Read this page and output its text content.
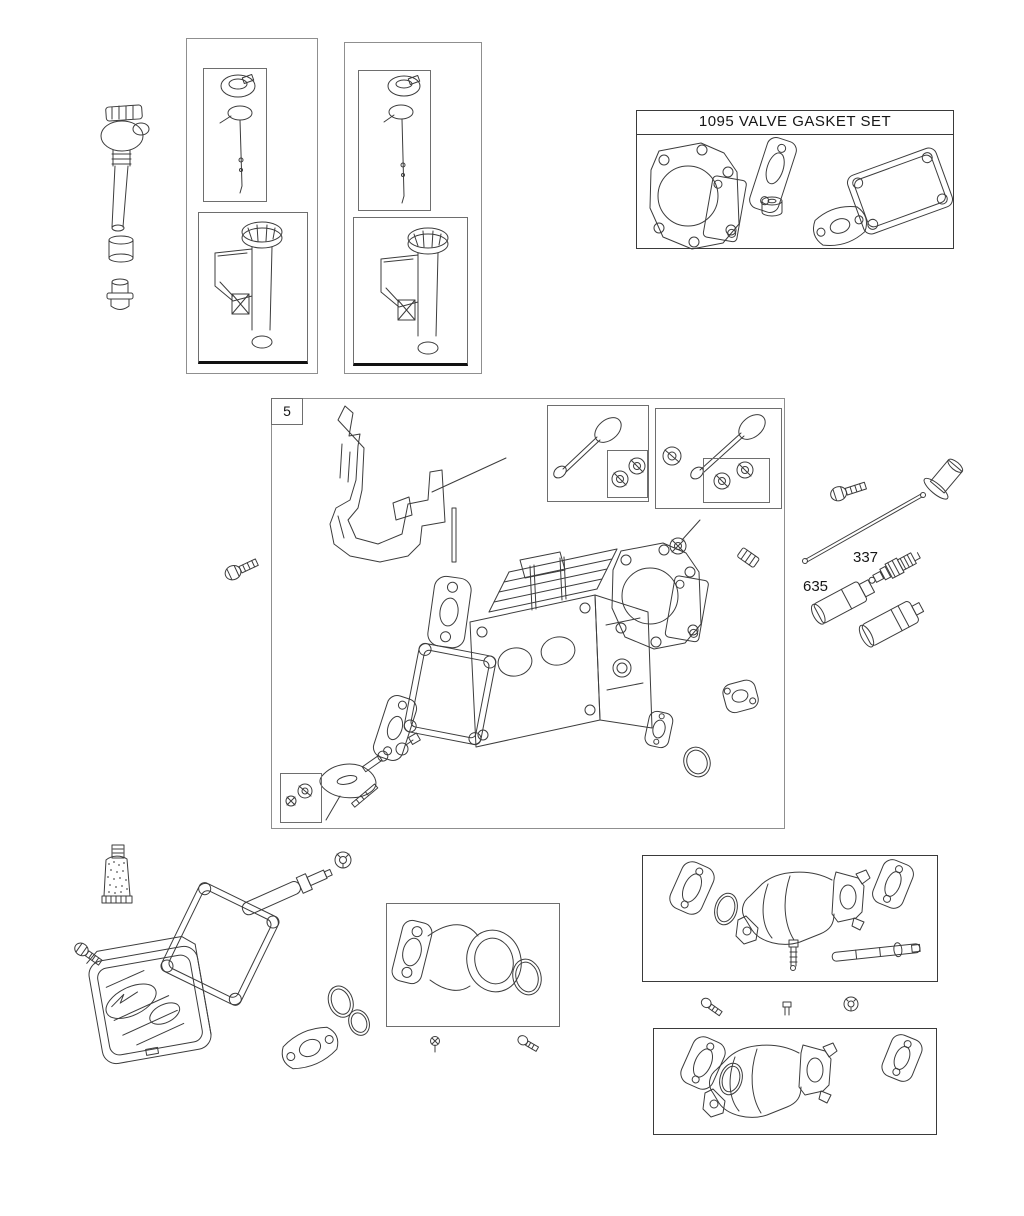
1095 VALVE GASKET SET
5
337
635
